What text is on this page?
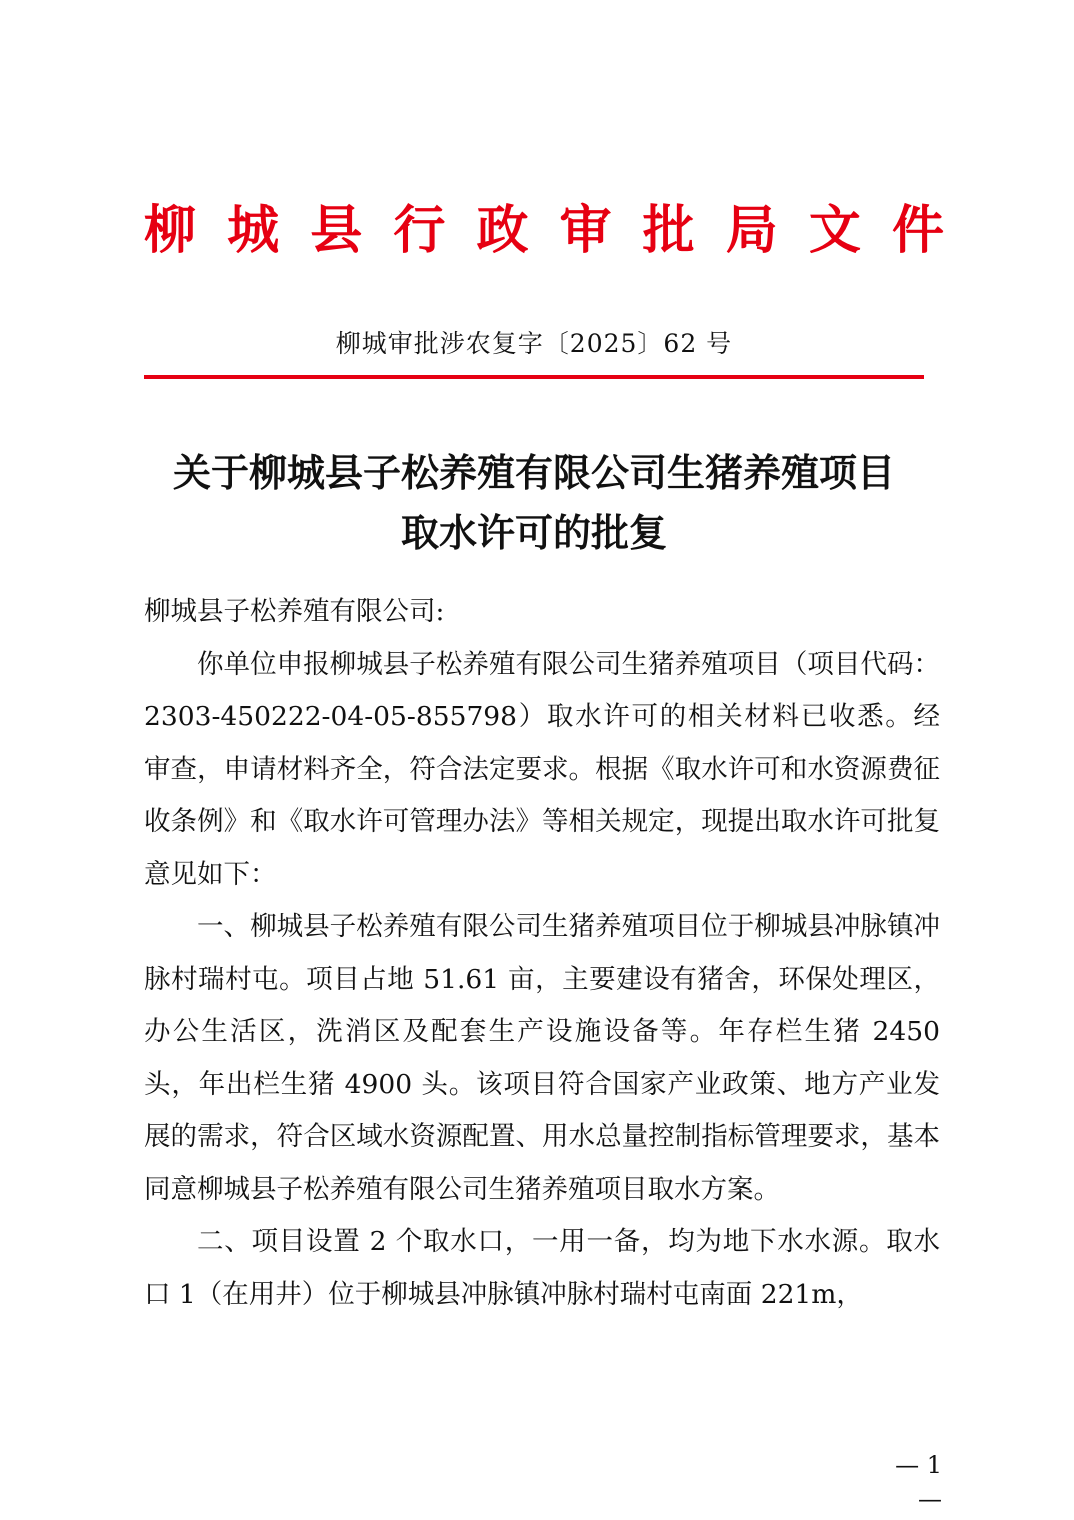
柳 城 县 行 政 审 批 局 文 件
柳城审批涉农复字〔2025〕62 号
关于柳城县子松养殖有限公司生猪养殖项目
取水许可的批复

柳城县子松养殖有限公司:

你单位申报柳城县子松养殖有限公司生猪养殖项目（项目代码：2303-450222-04-05-855798）取水许可的相关材料已收悉。经审查，申请材料齐全，符合法定要求。根据《取水许可和水资源费征收条例》和《取水许可管理办法》等相关规定，现提出取水许可批复意见如下：

一、柳城县子松养殖有限公司生猪养殖项目位于柳城县冲脉镇冲脉村瑞村屯。项目占地 51.61 亩，主要建设有猪舍，环保处理区，办公生活区，洗消区及配套生产设施设备等。年存栏生猪 2450 头，年出栏生猪 4900 头。该项目符合国家产业政策、地方产业发展的需求，符合区域水资源配置、用水总量控制指标管理要求，基本同意柳城县子松养殖有限公司生猪养殖项目取水方案。

二、项目设置 2 个取水口，一用一备，均为地下水水源。取水口 1（在用井）位于柳城县冲脉镇冲脉村瑞村屯南面 221m，

— 1 —
